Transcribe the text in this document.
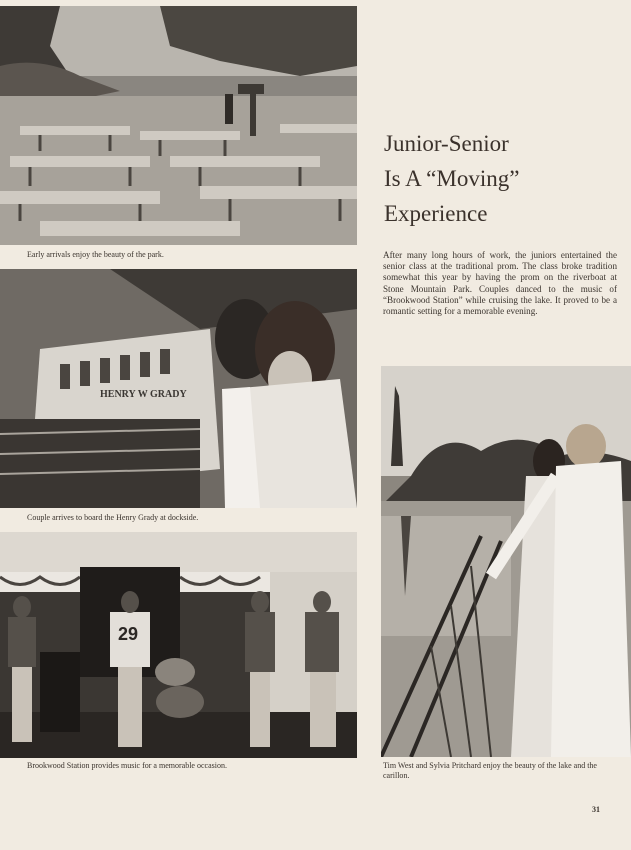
Early arrivals enjoy the beauty of the park.
HENRY W GRADY
Couple arrives to board the Henry Grady at dockside.
29
Brookwood Station provides music for a memorable occasion.
Junior-Senior
Is A “Moving”
Experience
After many long hours of work, the juniors entertained the senior class at the traditional prom. The class broke tradition somewhat this year by having the prom on the riverboat at Stone Mountain Park. Couples danced to the music of “Brookwood Station” while cruising the lake. It proved to be a romantic setting for a memorable evening.
Tim West and Sylvia Pritchard enjoy the beauty of the lake and the carillon.
31
